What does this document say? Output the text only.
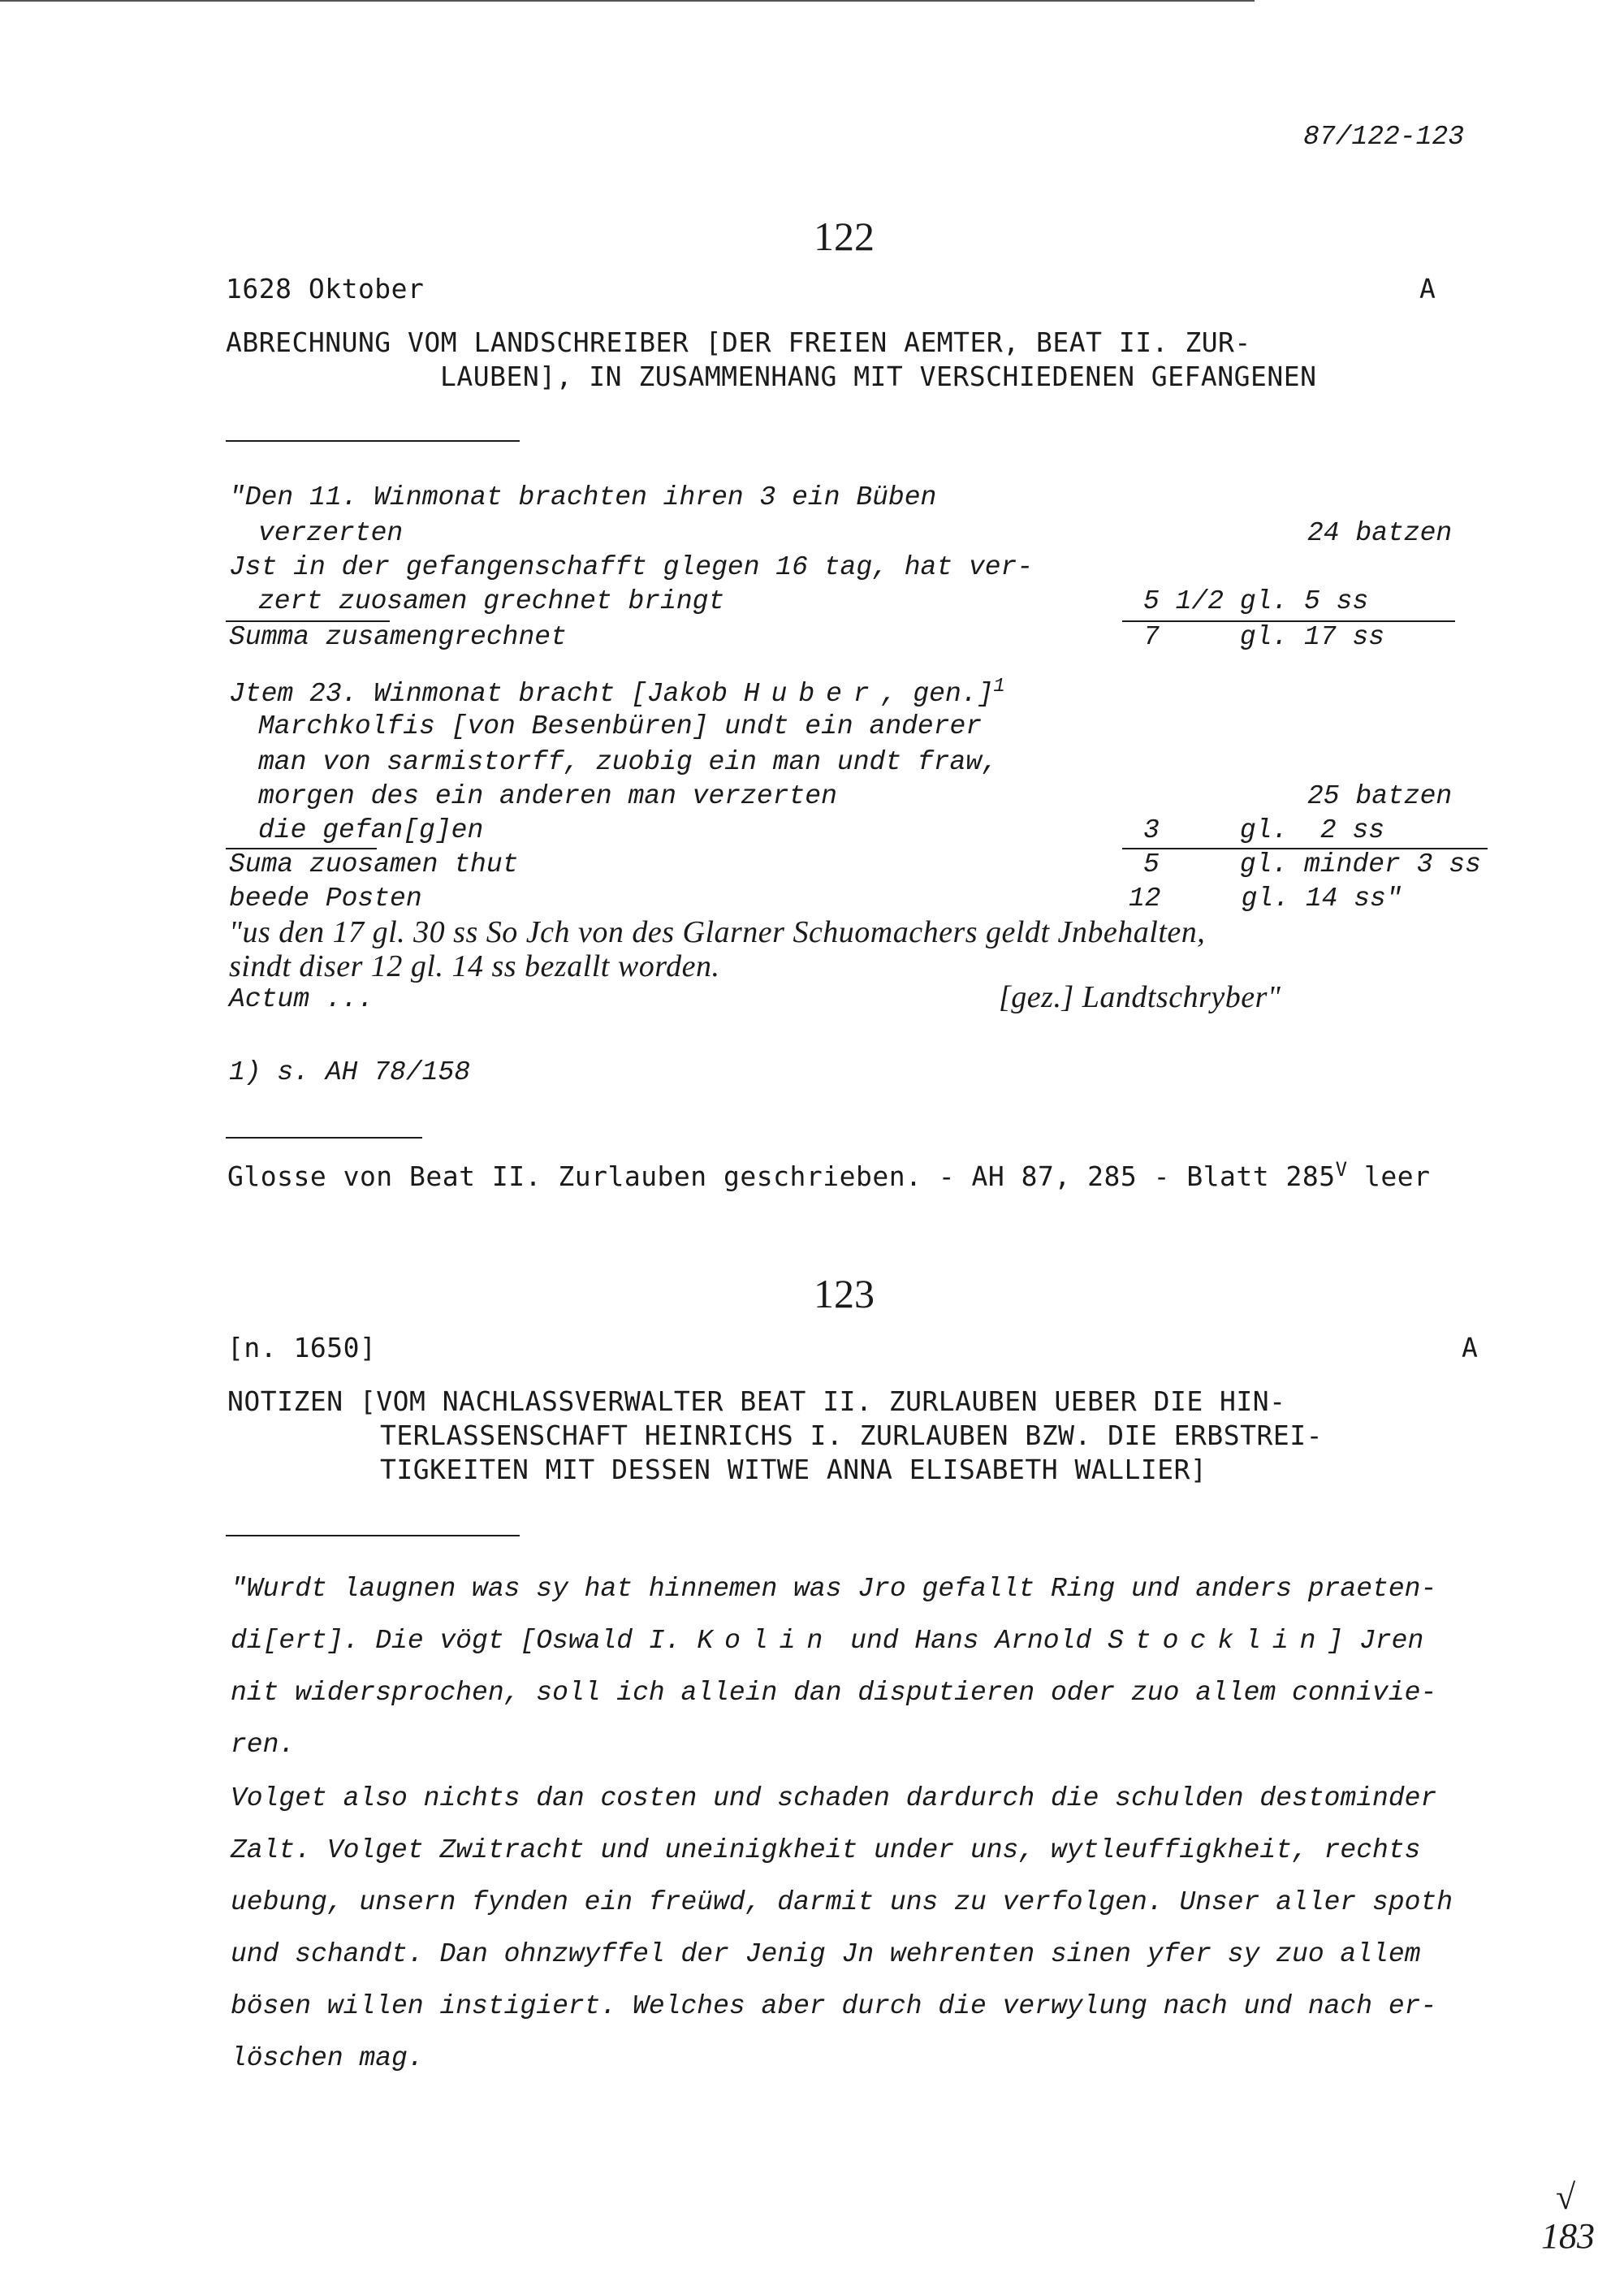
87/122-123
122
1628 Oktober	A
ABRECHNUNG VOM LANDSCHREIBER [DER FREIEN AEMTER, BEAT II. ZUR-
LAUBEN], IN ZUSAMMENHANG MIT VERSCHIEDENEN GEFANGENEN
"Den 11. Winmonat brachten ihren 3 ein Büben
verzerten	24 batzen
Jst in der gefangenschafft glegen 16 tag, hat ver-
zert zuosamen grechnet bringt	5 1/2 gl. 5 ss
Summa zusamengrechnet	7     gl. 17 ss
Jtem 23. Winmonat bracht [Jakob Huber, gen.]$^1$
Marchkolfis [von Besenbüren] undt ein anderer
man von sarmistorff, zuobig ein man undt fraw,
morgen des ein anderen man verzerten	25 batzen
die gefan[g]en	3     gl.  2 ss
Suma zuosamen thut	5     gl. minder 3 ss
beede Posten	12     gl. 14 ss"
"us den 17 gl. 30 ss So Jch von des Glarner Schuomachers geldt Jnbehalten,
sindt diser 12 gl. 14 ss bezallt worden.
Actum ...	[gez.] Landtschryber"
1) s. AH 78/158
Glosse von Beat II. Zurlauben geschrieben. - AH 87, 285 - Blatt $285^V$ leer
123
[n. 1650]	A
NOTIZEN [VOM NACHLASSVERWALTER BEAT II. ZURLAUBEN UEBER DIE HIN-
TERLASSENSCHAFT HEINRICHS I. ZURLAUBEN BZW. DIE ERBSTREI-
TIGKEITEN MIT DESSEN WITWE ANNA ELISABETH WALLIER]
"Wurdt laugnen was sy hat hinnemen was Jro gefallt Ring und anders praeten-
di[ert]. Die vögt [Oswald I. Kolin und Hans Arnold Stocklin] Jren
nit widersprochen, soll ich allein dan disputieren oder zuo allem connivie-
ren.
Volget also nichts dan costen und schaden dardurch die schulden destominder
Zalt. Volget Zwitracht und uneinigkheit under uns, wytleuffigkheit, rechts
uebung, unsern fynden ein freüwd, darmit uns zu verfolgen. Unser aller spoth
und schandt. Dan ohnzwyffel der Jenig Jn wehrenten sinen yfer sy zuo allem
bösen willen instigiert. Welches aber durch die verwylung nach und nach er-
löschen mag.
√
183
